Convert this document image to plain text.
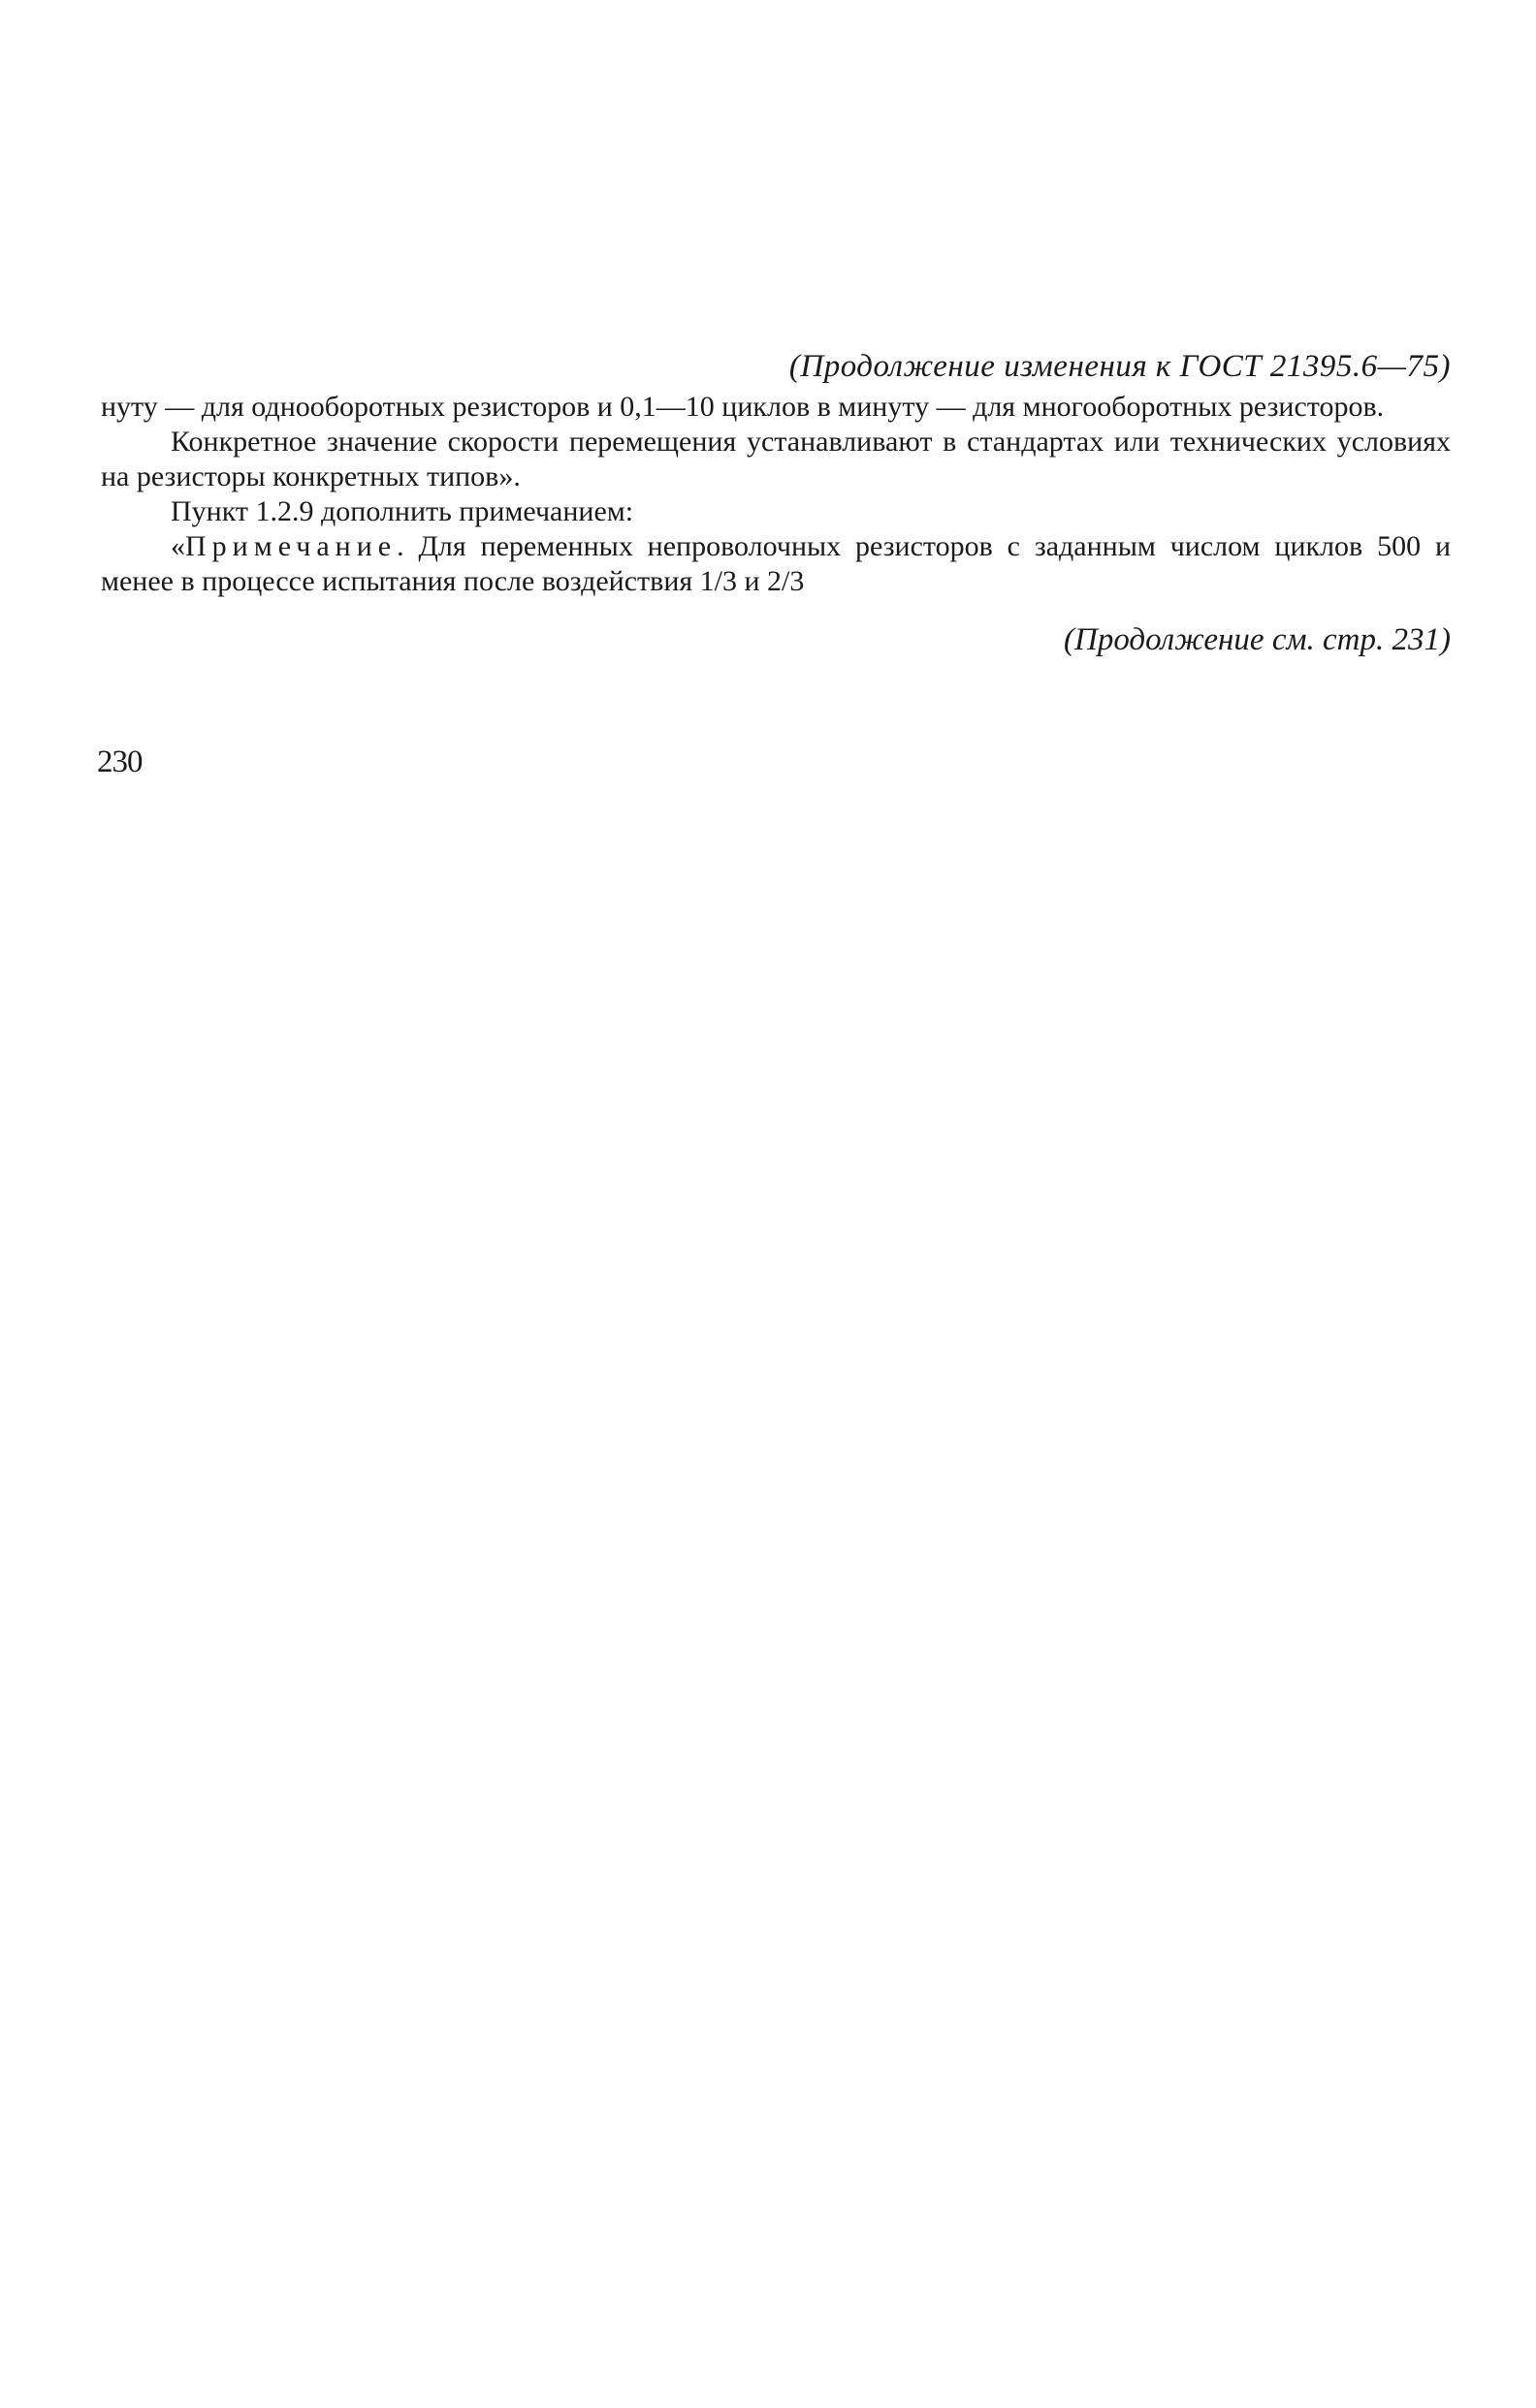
(Продолжение изменения к ГОСТ 21395.6—75)

нуту — для однооборотных резисторов и 0,1—10 циклов в минуту — для многооборотных резисторов.

Конкретное значение скорости перемещения устанавливают в стандартах или технических условиях на резисторы конкретных типов».

Пункт 1.2.9 дополнить примечанием:

«Примечание. Для переменных непроволочных резисторов с заданным числом циклов 500 и менее в процессе испытания после воздействия 1/3 и 2/3

(Продолжение см. стр. 231)

230
